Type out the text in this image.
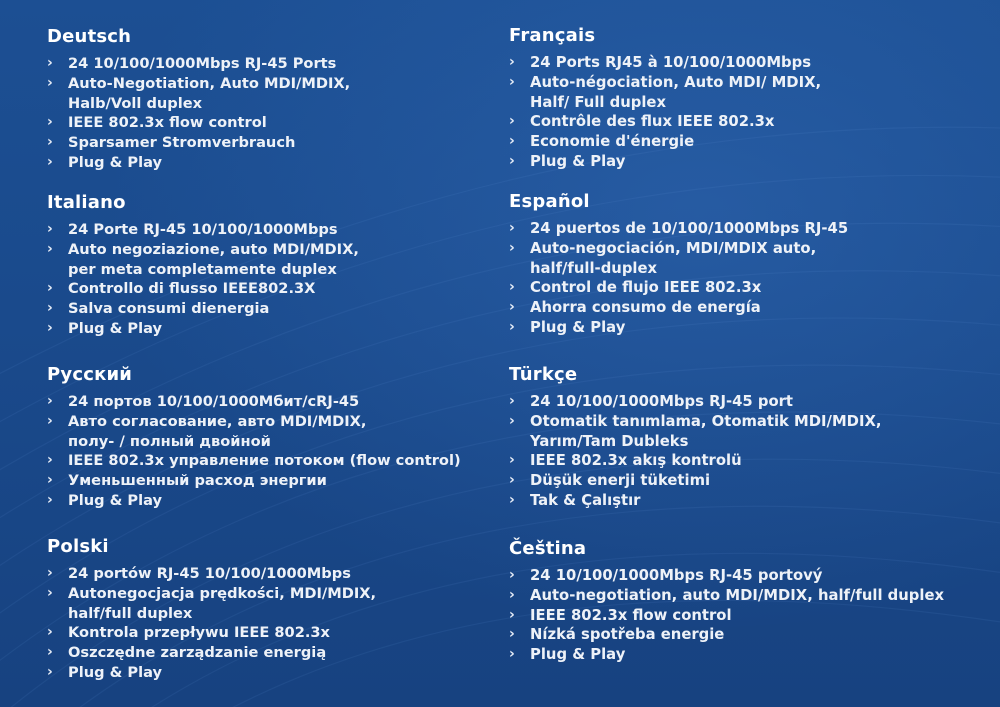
Deutsch
›	24 10/100/1000Mbps RJ-45 Ports
›	Auto-Negotiation, Auto MDI/MDIX,
Halb/Voll duplex
›	IEEE 802.3x flow control
›	Sparsamer Stromverbrauch
›	Plug & Play
Italiano
›	24 Porte RJ-45 10/100/1000Mbps
›	Auto negoziazione, auto MDI/MDIX,
per meta completamente duplex
›	Controllo di flusso IEEE802.3X
›	Salva consumi dienergia
›	Plug & Play
Русский
›	24 портов 10/100/1000Мбит/cRJ-45
›	Авто согласование, авто MDI/MDIX,
полу- / полный двойной
›	IEEE 802.3x управление потоком (flow control)
›	Уменьшенный расход энергии
›	Plug & Play
Polski
›	24 portów RJ-45 10/100/1000Mbps
›	Autonegocjacja prędkości, MDI/MDIX,
half/full duplex
›	Kontrola przepływu IEEE 802.3x
›	Oszczędne zarządzanie energią
›	Plug & Play
Français
›	24 Ports RJ45 à 10/100/1000Mbps
›	Auto-négociation, Auto MDI/ MDIX,
Half/ Full duplex
›	Contrôle des flux IEEE 802.3x
›	Economie d'énergie
›	Plug & Play
Español
›	24 puertos de 10/100/1000Mbps RJ-45
›	Auto-negociación, MDI/MDIX auto,
half/full-duplex
›	Control de flujo IEEE 802.3x
›	Ahorra consumo de energía
›	Plug & Play
Türkçe
›	24 10/100/1000Mbps RJ-45 port
›	Otomatik tanımlama, Otomatik MDI/MDIX,
Yarım/Tam Dubleks
›	IEEE 802.3x akış kontrolü
›	Düşük enerji tüketimi
›	Tak & Çalıştır
Čeština
›	24 10/100/1000Mbps RJ-45 portový
›	Auto-negotiation, auto MDI/MDIX, half/full duplex
›	IEEE 802.3x flow control
›	Nízká spotřeba energie
›	Plug & Play
